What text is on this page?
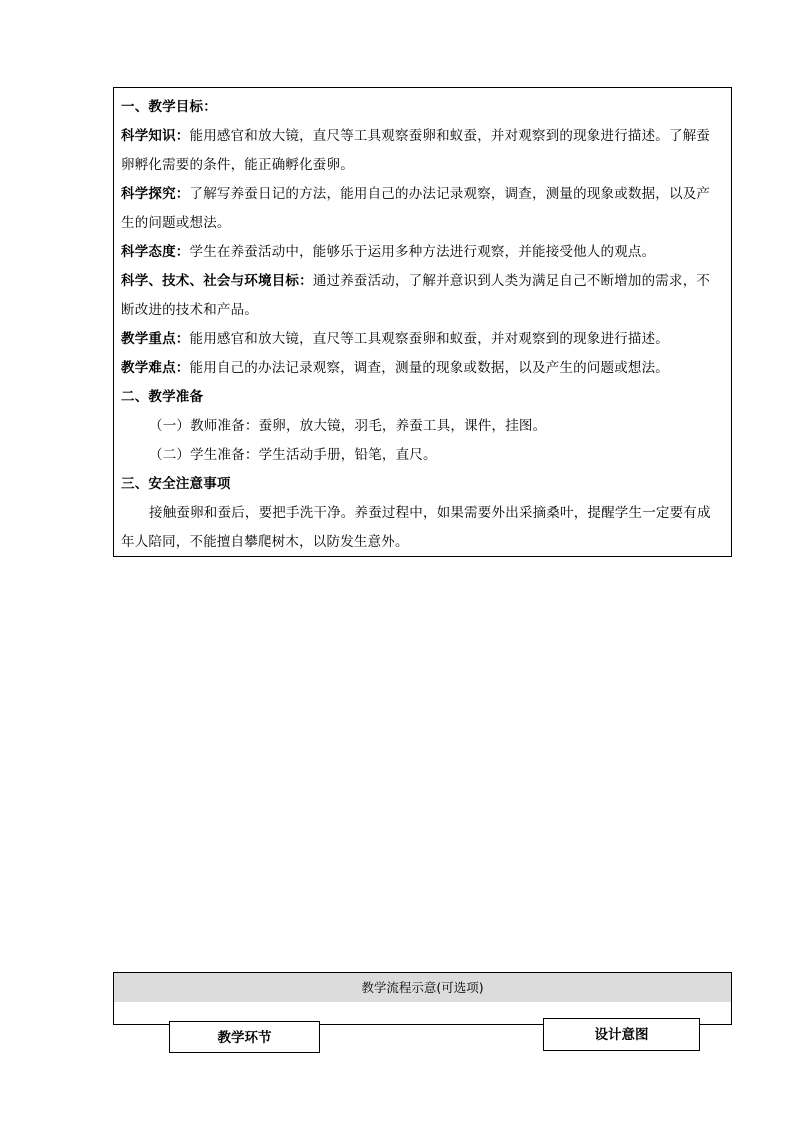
一、教学目标：
科学知识：能用感官和放大镜，直尺等工具观察蚕卵和蚁蚕，并对观察到的现象进行描述。了解蚕
卵孵化需要的条件，能正确孵化蚕卵。
科学探究：了解写养蚕日记的方法，能用自己的办法记录观察，调查，测量的现象或数据，以及产
生的问题或想法。
科学态度：学生在养蚕活动中，能够乐于运用多种方法进行观察，并能接受他人的观点。
科学、技术、社会与环境目标：通过养蚕活动，了解并意识到人类为满足自己不断增加的需求，不
断改进的技术和产品。
教学重点：能用感官和放大镜，直尺等工具观察蚕卵和蚁蚕，并对观察到的现象进行描述。
教学难点：能用自己的办法记录观察，调查，测量的现象或数据，以及产生的问题或想法。
二、教学准备
（一）教师准备：蚕卵，放大镜，羽毛，养蚕工具，课件，挂图。
（二）学生准备：学生活动手册，铅笔，直尺。
三、安全注意事项
接触蚕卵和蚕后，要把手洗干净。养蚕过程中，如果需要外出采摘桑叶，提醒学生一定要有成
年人陪同，不能擅自攀爬树木，以防发生意外。
教学流程示意(可选项)
教学环节	设计意图
